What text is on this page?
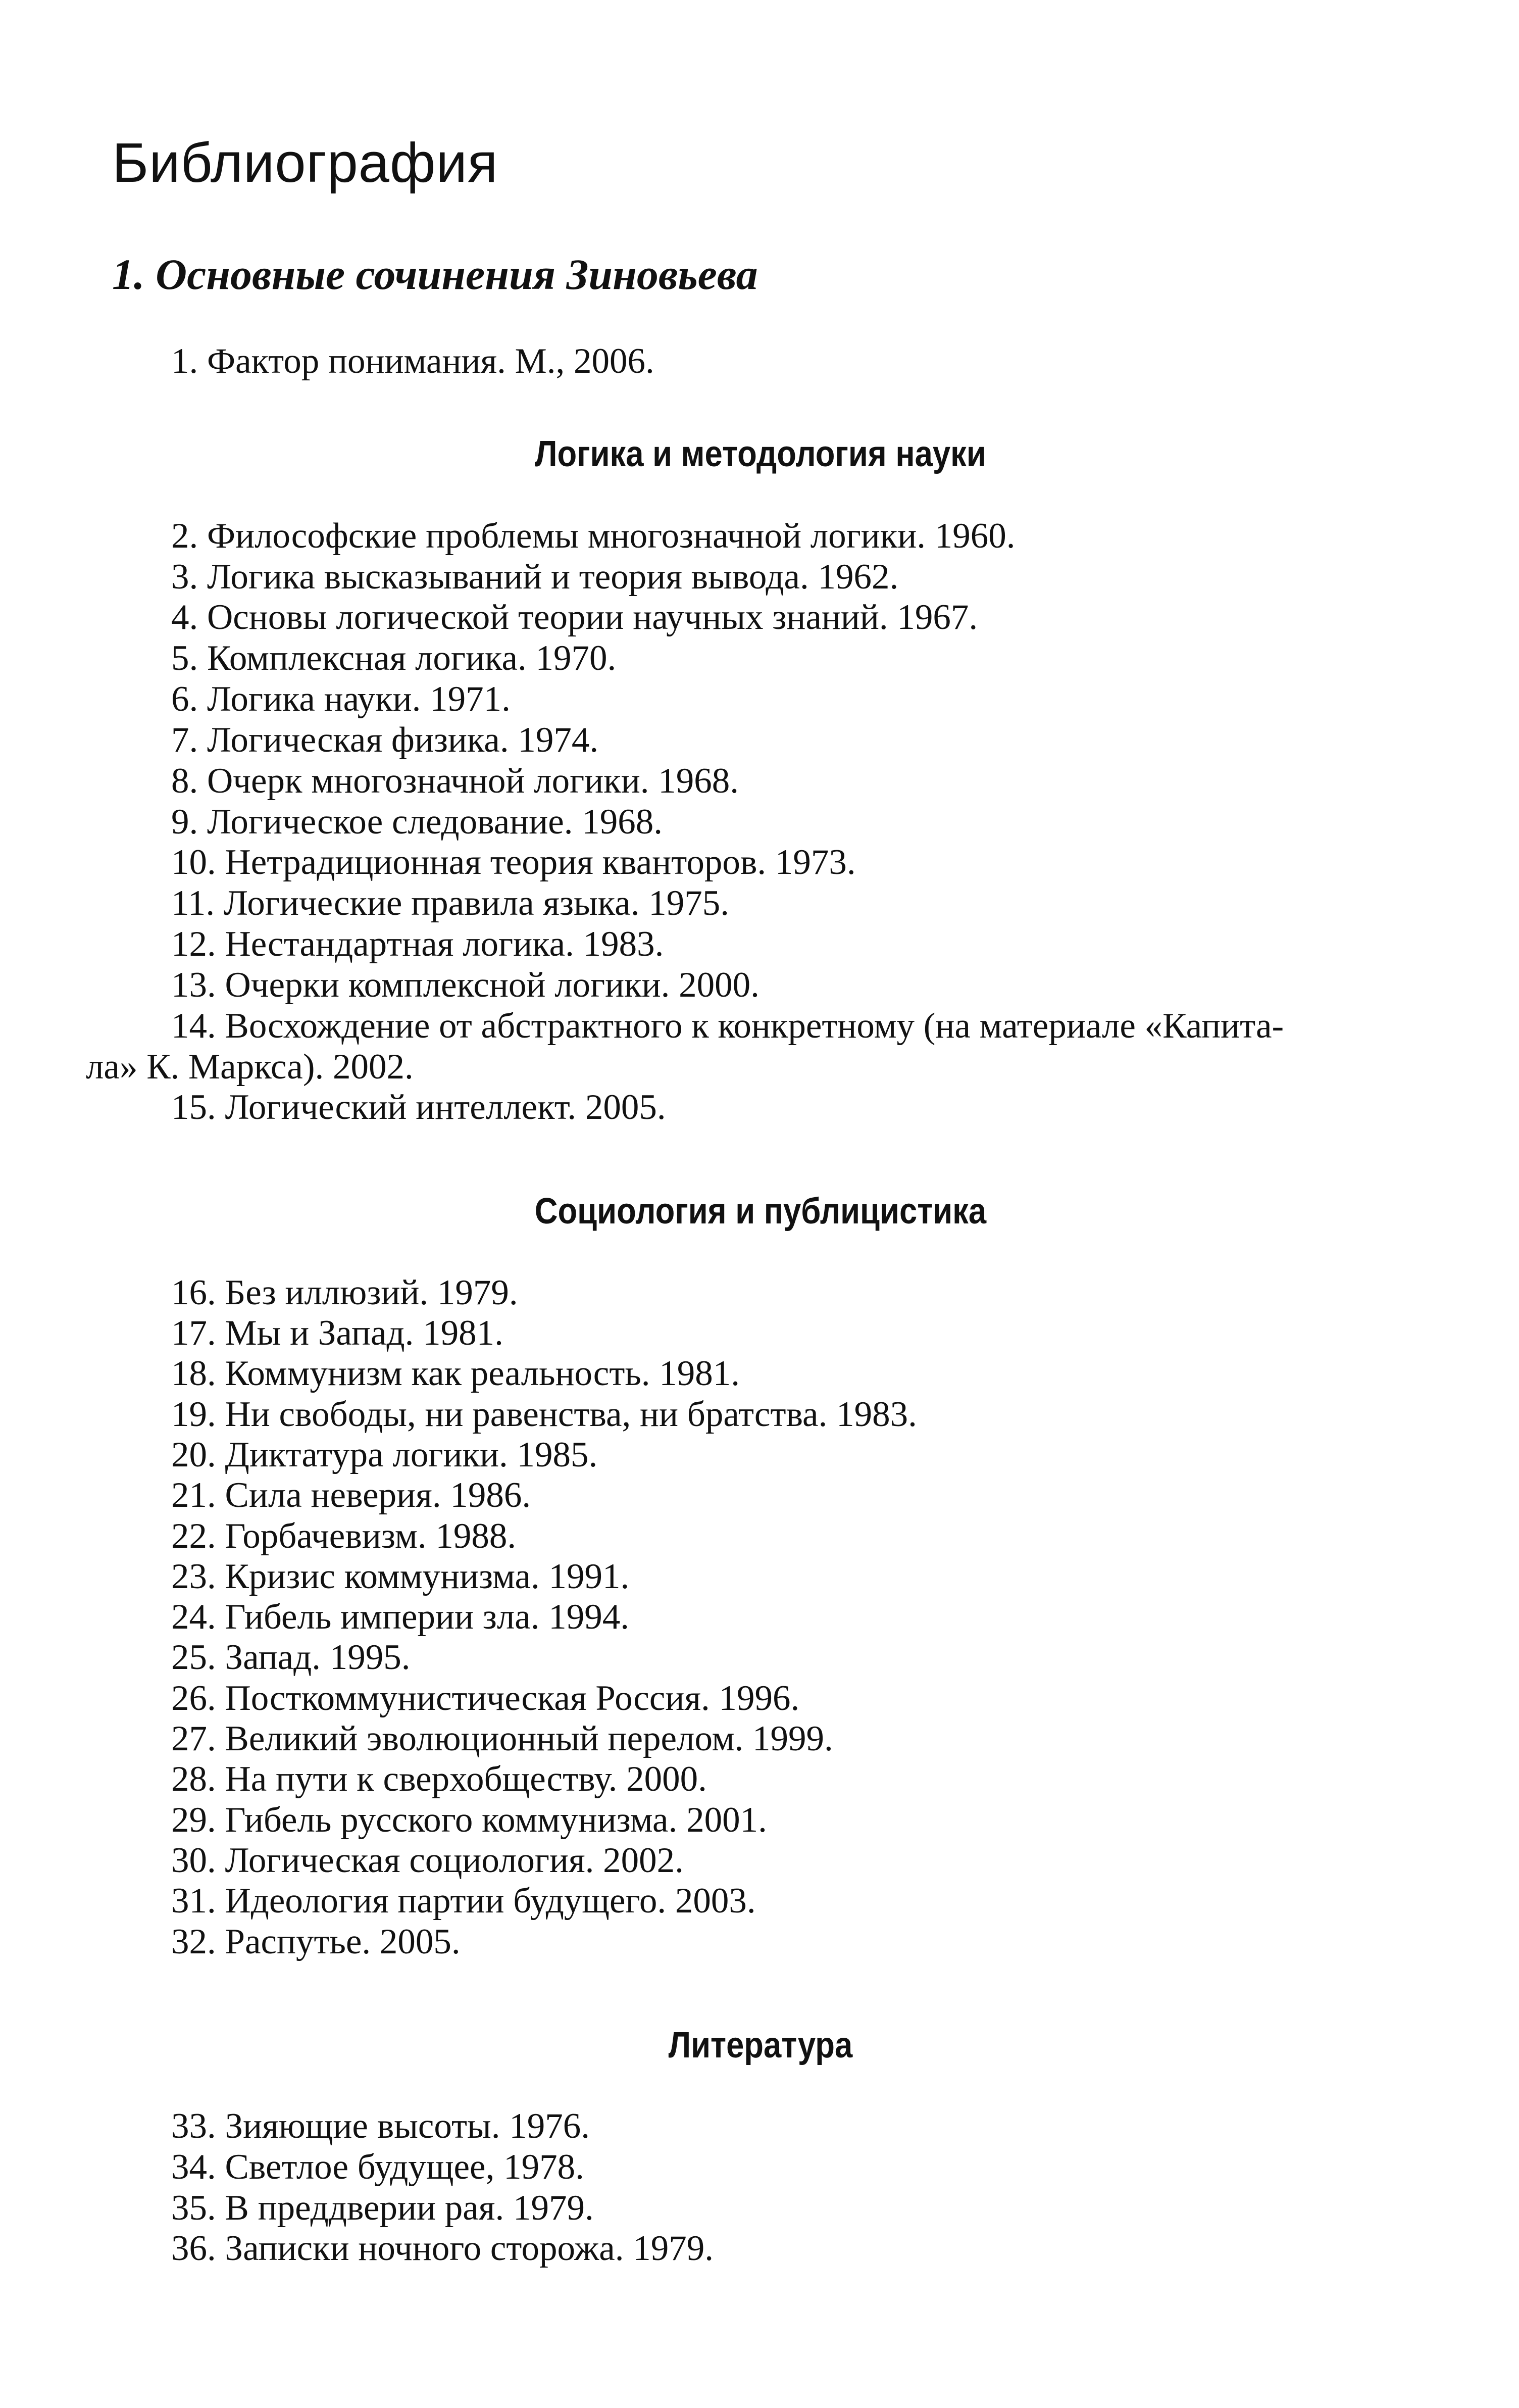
Библиография
1. Основные сочинения Зиновьева
1. Фактор понимания. М., 2006.
Логика и методология науки
2. Философские проблемы многозначной логики. 1960.
3. Логика высказываний и теория вывода. 1962.
4. Основы логической теории научных знаний. 1967.
5. Комплексная логика. 1970.
6. Логика науки. 1971.
7. Логическая физика. 1974.
8. Очерк многозначной логики. 1968.
9. Логическое следование. 1968.
10. Нетрадиционная теория кванторов. 1973.
11. Логические правила языка. 1975.
12. Нестандартная логика. 1983.
13. Очерки комплексной логики. 2000.
14. Восхождение от абстрактного к конкретному (на материале «Капита-
ла» К. Маркса). 2002.
15. Логический интеллект. 2005.
Социология и публицистика
16. Без иллюзий. 1979.
17. Мы и Запад. 1981.
18. Коммунизм как реальность. 1981.
19. Ни свободы, ни равенства, ни братства. 1983.
20. Диктатура логики. 1985.
21. Сила неверия. 1986.
22. Горбачевизм. 1988.
23. Кризис коммунизма. 1991.
24. Гибель империи зла. 1994.
25. Запад. 1995.
26. Посткоммунистическая Россия. 1996.
27. Великий эволюционный перелом. 1999.
28. На пути к сверхобществу. 2000.
29. Гибель русского коммунизма. 2001.
30. Логическая социология. 2002.
31. Идеология партии будущего. 2003.
32. Распутье. 2005.
Литература
33. Зияющие высоты. 1976.
34. Светлое будущее, 1978.
35. В преддверии рая. 1979.
36. Записки ночного сторожа. 1979.
